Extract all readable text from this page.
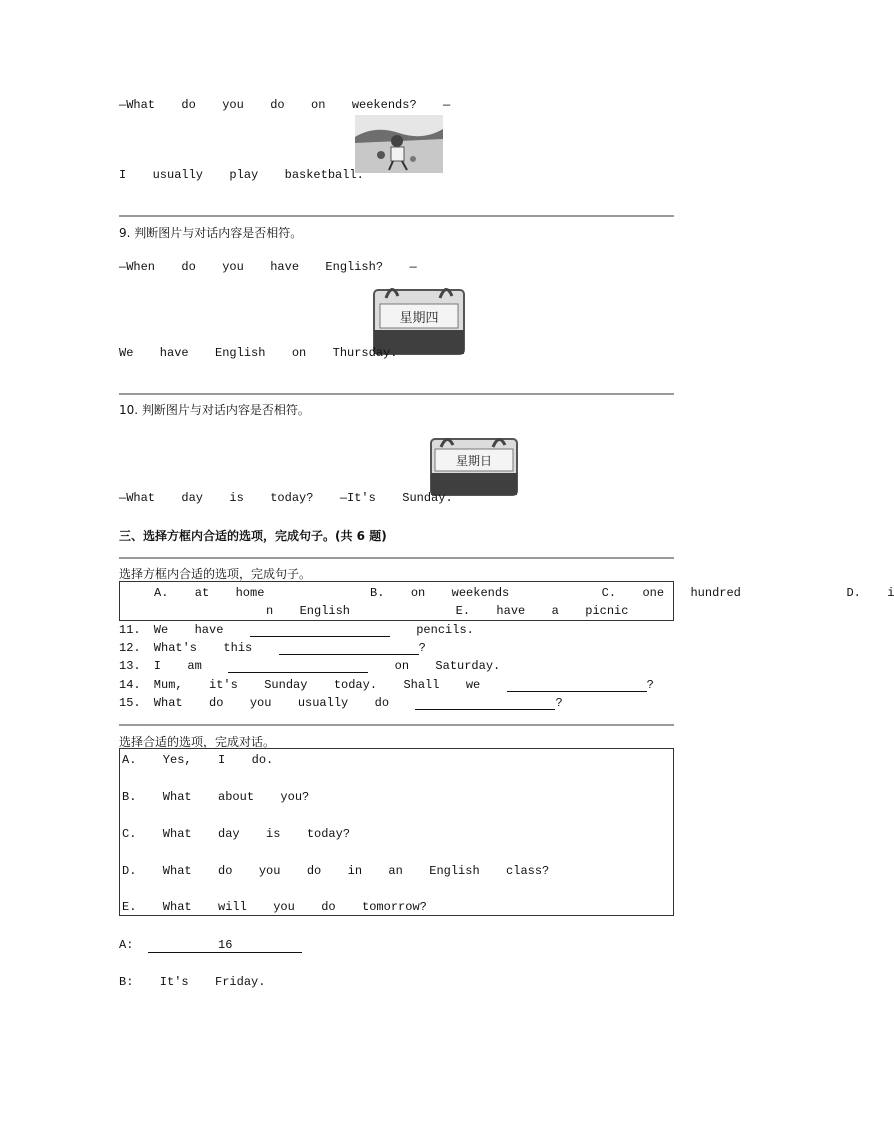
—What  do  you  do  on  weekends?  —
I  usually  play  basketball.
9. 判断图片与对话内容是否相符。
—When  do  you  have  English?  —
星期四
We  have  English  on  Thursday.
10. 判断图片与对话内容是否相符。
星期日
—What  day  is  today?  —It's  Sunday.
三、选择方框内合适的选项，完成句子。(共 6 题)
选择方框内合适的选项，完成句子。
A.  at  home        B.  on  weekends       C.  one  hundred        D.  i
n  English        E.  have  a  picnic
11. We  have	pencils.
12. What's  this	?
13. I  am	on  Saturday.
14. Mum,  it's  Sunday  today.  Shall  we	?
15. What  do  you  usually  do	?
选择合适的选项，完成对话。
A.  Yes,  I  do.
B.  What  about  you?
C.  What  day  is  today?
D.  What  do  you  do  in  an  English  class?
E.  What  will  you  do  tomorrow?
A:	16
B:  It's  Friday.
